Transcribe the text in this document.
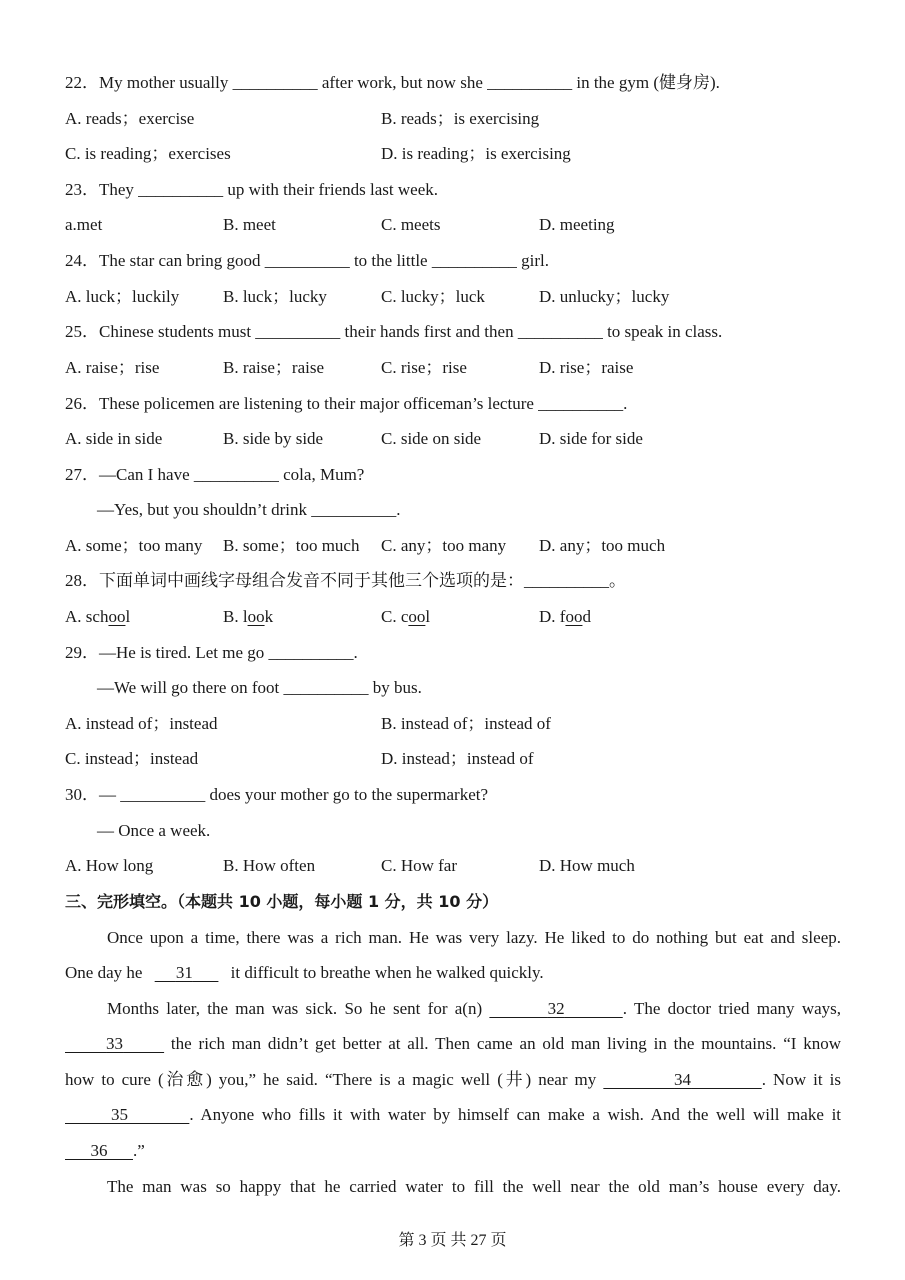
22．My mother usually __________ after work, but now she __________ in the gym (健身房).
A. reads；exercise	B. reads；is exercising
C. is reading；exercises	D. is reading；is exercising
23．They __________ up with their friends last week.
a.met	B. meet	C. meets	D. meeting
24．The star can bring good __________ to the little __________ girl.
A. luck；luckily	B. luck；lucky	C. lucky；luck	D. unlucky；lucky
25．Chinese students must __________ their hands first and then __________ to speak in class.
A. raise；rise	B. raise；raise	C. rise；rise	D. rise；raise
26．These policemen are listening to their major officeman’s lecture __________.
A. side in side	B. side by side	C. side on side	D. side for side
27．—Can I have __________ cola, Mum?
—Yes, but you shouldn’t drink __________.
A. some；too many B. some；too much C. any；too many D. any；too much
28．下面单词中画线字母组合发音不同于其他三个选项的是：__________。
A. school	B. look	C. cool	D. food
29．—He is tired. Let me go __________.
—We will go there on foot __________ by bus.
A. instead of；instead	B. instead of；instead of
C. instead；instead	D. instead；instead of
30．— __________ does your mother go to the supermarket?
— Once a week.
A. How long	B. How often	C. How far	D. How much
三、完形填空。（本题共 10 小题，每小题 1 分，共 10 分）
Once upon a time, there was a rich man. He was very lazy. He liked to do nothing but eat and sleep.
One day he      31       it difficult to breathe when he walked quickly.
Months later, the man was sick. So he sent for a(n)	32	. The doctor tried many ways,
33       the rich man didn’t get better at all. Then came an old man living in the mountains. “I know
how to cure (治愈) you,” he said. “There is a magic well (井) near my	34	. Now it is
35	. Anyone who fills it with water by himself can make a wish. And the well will make it
36 .”
The man was so happy that he carried water to fill the well near the old man’s house every day.
第 3 页 共 27 页
